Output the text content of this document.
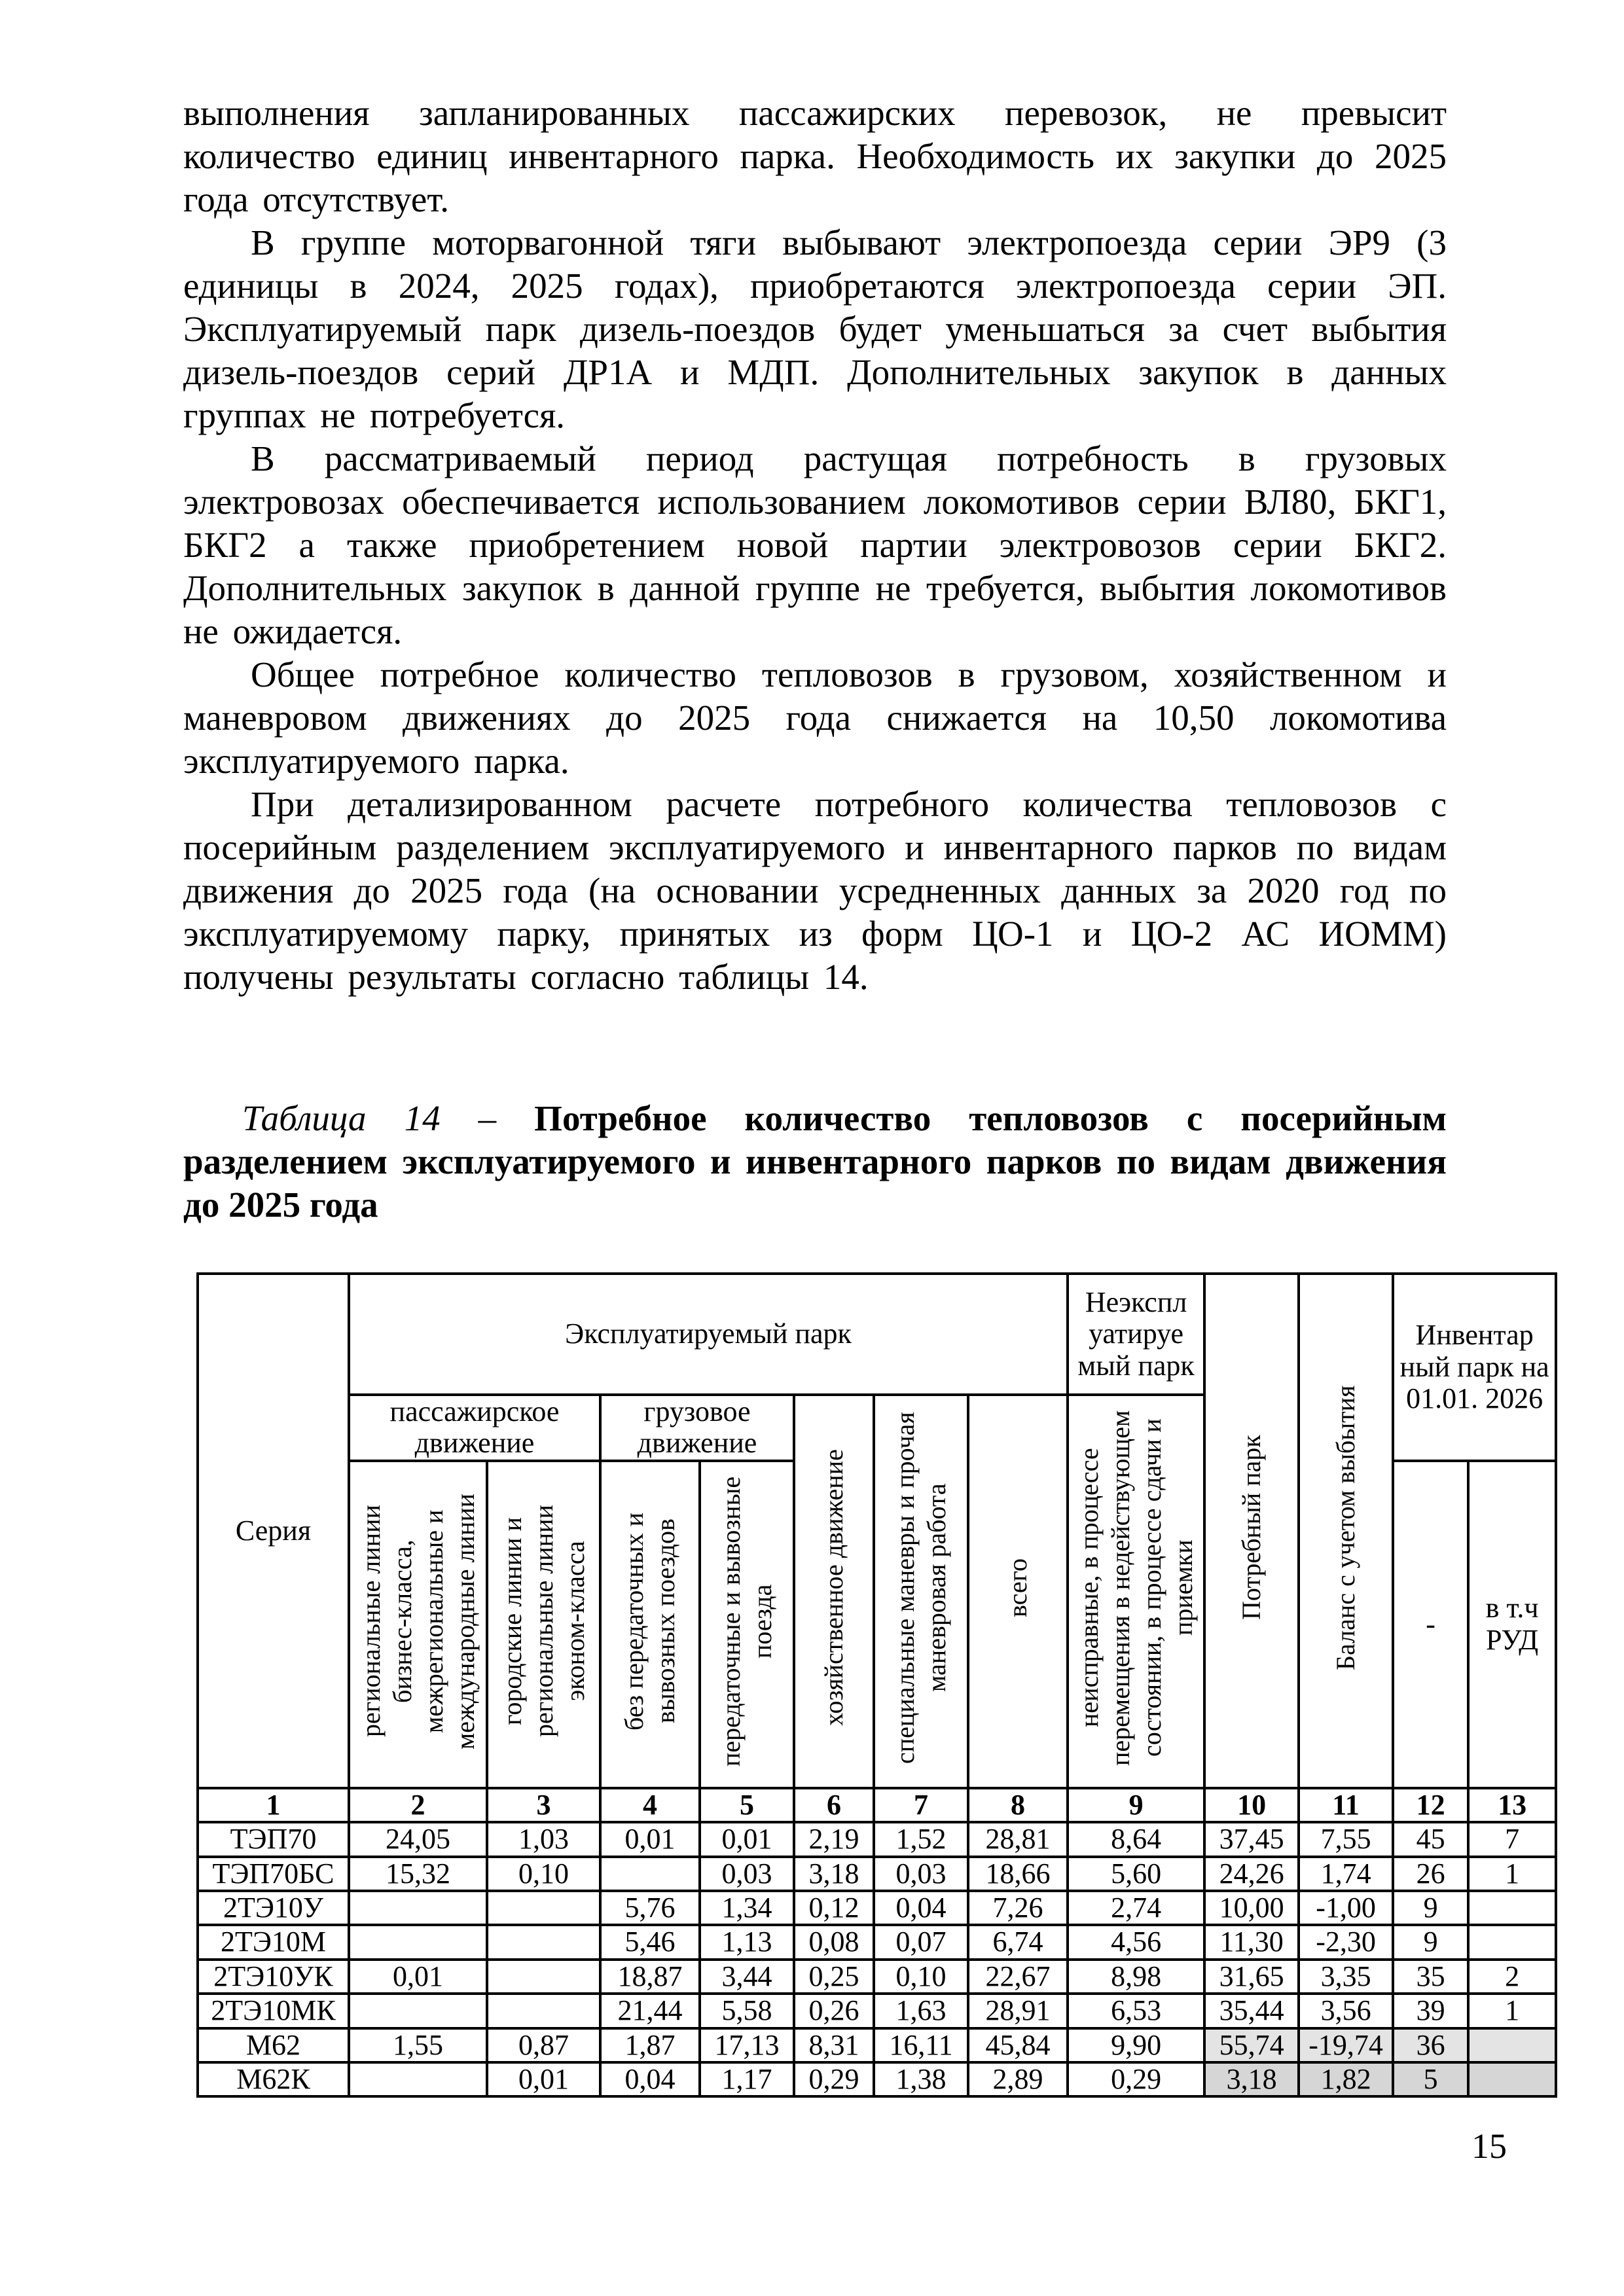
выполнения запланированных пассажирских перевозок, не превысит количество единиц инвентарного парка. Необходимость их закупки до 2025 года отсутствует.

В группе моторвагонной тяги выбывают электропоезда серии ЭР9 (3 единицы в 2024, 2025 годах), приобретаются электропоезда серии ЭП. Эксплуатируемый парк дизель-поездов будет уменьшаться за счет выбытия дизель-поездов серий ДР1А и МДП. Дополнительных закупок в данных группах не потребуется.

В рассматриваемый период растущая потребность в грузовых электровозах обеспечивается использованием локомотивов серии ВЛ80, БКГ1, БКГ2 а также приобретением новой партии электровозов серии БКГ2. Дополнительных закупок в данной группе не требуется, выбытия локомотивов не ожидается.

Общее потребное количество тепловозов в грузовом, хозяйственном и маневровом движениях до 2025 года снижается на 10,50 локомотива эксплуатируемого парка.

При детализированном расчете потребного количества тепловозов с посерийным разделением эксплуатируемого и инвентарного парков по видам движения до 2025 года (на основании усредненных данных за 2020 год по эксплуатируемому парку, принятых из форм ЦО-1 и ЦО-2 АС ИОММ) получены результаты согласно таблицы 14.

Таблица 14 – Потребное количество тепловозов с посерийным разделением эксплуатируемого и инвентарного парков по видам движения до 2025 года

Серия	Эксплуатируемый парк							Неэкспл уатируе мый парк	Потребный парк	Баланс с учетом выбытия	Инвентар ный парк на 01.01. 2026	
	пассажирское движение		грузовое движение		хозяйственное движение	специальные маневры и прочая маневровая работа	всего	неисправные, в процессе перемещения в недействующем состоянии, в процессе сдачи и приемки				
	региональные линии бизнес-класса, межрегиональные и международные линии	городские линии и региональные линии эконом-класса	без передаточных и вывозных поездов	передаточные и вывозные поезда							-	в т.ч РУД
1	2	3	4	5	6	7	8	9	10	11	12	13
ТЭП70	24,05	1,03	0,01	0,01	2,19	1,52	28,81	8,64	37,45	7,55	45	7
ТЭП70БС	15,32	0,10		0,03	3,18	0,03	18,66	5,60	24,26	1,74	26	1
2ТЭ10У			5,76	1,34	0,12	0,04	7,26	2,74	10,00	-1,00	9	
2ТЭ10М			5,46	1,13	0,08	0,07	6,74	4,56	11,30	-2,30	9	
2ТЭ10УК	0,01		18,87	3,44	0,25	0,10	22,67	8,98	31,65	3,35	35	2
2ТЭ10МК			21,44	5,58	0,26	1,63	28,91	6,53	35,44	3,56	39	1
М62	1,55	0,87	1,87	17,13	8,31	16,11	45,84	9,90	55,74	-19,74	36	
М62К		0,01	0,04	1,17	0,29	1,38	2,89	0,29	3,18	1,82	5	
15
